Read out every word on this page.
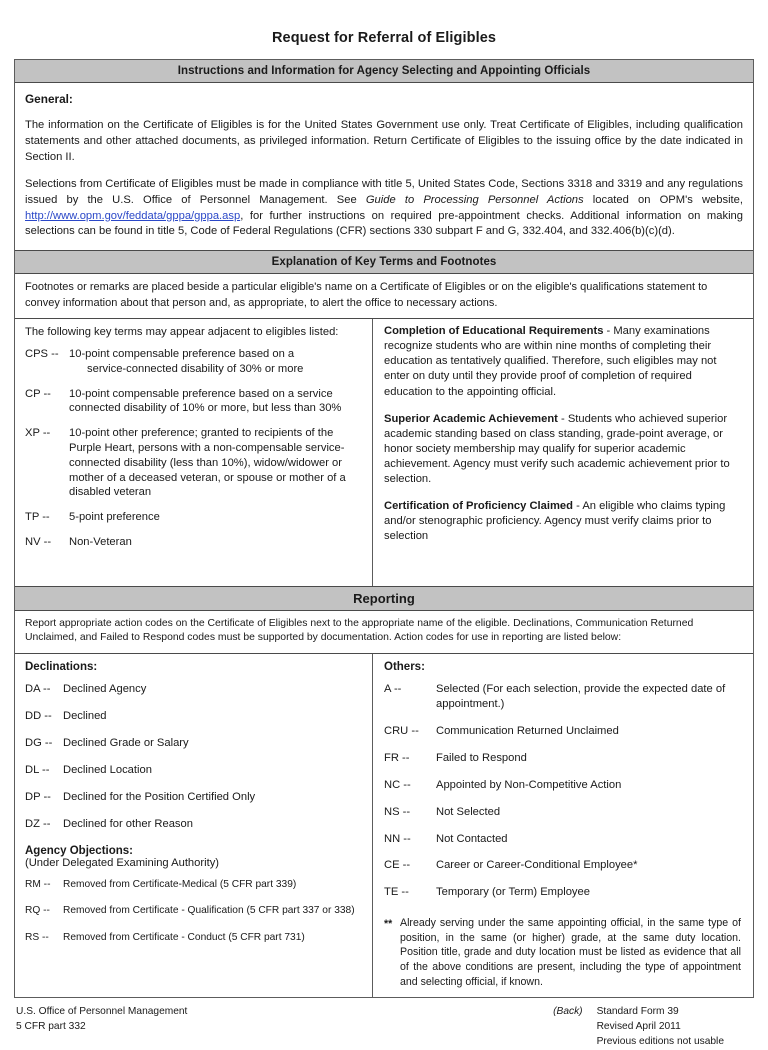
Request for Referral of Eligibles
Instructions and Information for Agency Selecting and Appointing Officials
General:

The information on the Certificate of Eligibles is for the United States Government use only. Treat Certificate of Eligibles, including qualification statements and other attached documents, as privileged information. Return Certificate of Eligibles to the issuing office by the date indicated in Section II.

Selections from Certificate of Eligibles must be made in compliance with title 5, United States Code, Sections 3318 and 3319 and any regulations issued by the U.S. Office of Personnel Management. See Guide to Processing Personnel Actions located on OPM's website, http://www.opm.gov/feddata/gppa/gppa.asp, for further instructions on required pre-appointment checks. Additional information on making selections can be found in title 5, Code of Federal Regulations (CFR) sections 330 subpart F and G, 332.404, and 332.406(b)(c)(d).

Explanation of Key Terms and Footnotes
Footnotes or remarks are placed beside a particular eligible's name on a Certificate of Eligibles or on the eligible's qualifications statement to convey information about that person and, as appropriate, to alert the office to necessary actions.
The following key terms may appear adjacent to eligibles listed:
CPS -- 10-point compensable preference based on a
service-connected disability of 30% or more
CP --	10-point compensable preference based on a service
connected disability of 10% or more, but less than 30%
XP --	10-point other preference; granted to recipients of the Purple Heart, persons with a non-compensable service-connected disability (less than 10%), widow/widower or mother of a deceased veteran, or spouse or mother of a disabled veteran
TP --	5-point preference
NV --	Non-Veteran
Completion of Educational Requirements - Many examinations recognize students who are within nine months of completing their education as tentatively qualified. Therefore, such eligibles may not enter on duty until they provide proof of completion of required education to the appointing official.
Superior Academic Achievement - Students who achieved superior academic standing based on class standing, grade-point average, or honor society membership may qualify for superior academic achievement. Agency must verify such academic achievement prior to selection.
Certification of Proficiency Claimed - An eligible who claims typing and/or stenographic proficiency. Agency must verify claims prior to selection
Reporting
Report appropriate action codes on the Certificate of Eligibles next to the appropriate name of the eligible. Declinations, Communication Returned Unclaimed, and Failed to Respond codes must be supported by documentation. Action codes for use in reporting are listed below:
Declinations:
DA --	Declined Agency
DD --	Declined
DG -- Declined Grade or Salary
DL --	Declined Location
DP --	Declined for the Position Certified Only
DZ --	Declined for other Reason
Agency Objections:
(Under Delegated Examining Authority)
RM --	Removed from Certificate-Medical (5 CFR part 339)
RQ --	Removed from Certificate - Qualification (5 CFR part 337 or 338)
RS --	Removed from Certificate - Conduct (5 CFR part 731)
Others:
A --	Selected (For each selection, provide the expected date of
appointment.)
CRU --	Communication Returned Unclaimed
FR --	Failed to Respond
NC --	Appointed by Non-Competitive Action
NS --	Not Selected
NN --	Not Contacted
CE --	Career or Career-Conditional Employee*
TE --	Temporary (or Term) Employee
** Already serving under the same appointing official, in the same type of position, in the same (or higher) grade, at the same duty location. Position title, grade and duty location must be listed as evidence that all of the above conditions are present, including the type of appointment and selecting official, if known.
U.S. Office of Personnel Management
5 CFR part 332
(Back) Standard Form 39
Revised April 2011
Previous editions not usable
